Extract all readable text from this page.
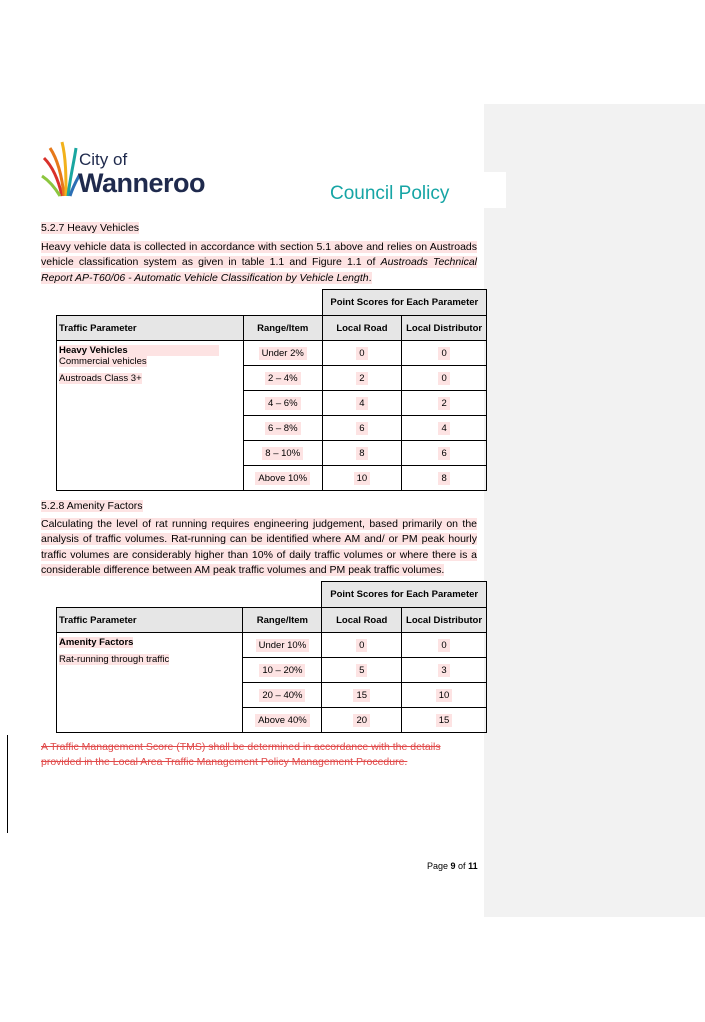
City of
Wanneroo	Council Policy
5.2.7 Heavy Vehicles
Heavy vehicle data is collected in accordance with section 5.1 above and relies on Austroads vehicle classification system as given in table 1.1 and Figure 1.1 of Austroads Technical Report AP-T60/06 - Automatic Vehicle Classification by Vehicle Length.
		Point Scores for Each Parameter	
Traffic Parameter	Range/Item	Local Road	Local Distributor

Heavy Vehicles
Commercial vehicles
Austroads Class 3+	Under 2%	0	0
	2 – 4%	2	0
	4 – 6%	4	2
	6 – 8%	6	4
	8 – 10%	8	6
	Above 10%	10	8
5.2.8 Amenity Factors
Calculating the level of rat running requires engineering judgement, based primarily on the analysis of traffic volumes. Rat-running can be identified where AM and/ or PM peak hourly traffic volumes are considerably higher than 10% of daily traffic volumes or where there is a considerable difference between AM peak traffic volumes and PM peak traffic volumes.
		Point Scores for Each Parameter	
Traffic Parameter	Range/Item	Local Road	Local Distributor

Amenity Factors
Rat-running through traffic	Under 10%	0	0
	10 – 20%	5	3
	20 – 40%	15	10
	Above 40%	20	15
A Traffic Management Score (TMS) shall be determined in accordance with the details provided in the Local Area Traffic Management Policy Management Procedure.
Page 9 of 11
